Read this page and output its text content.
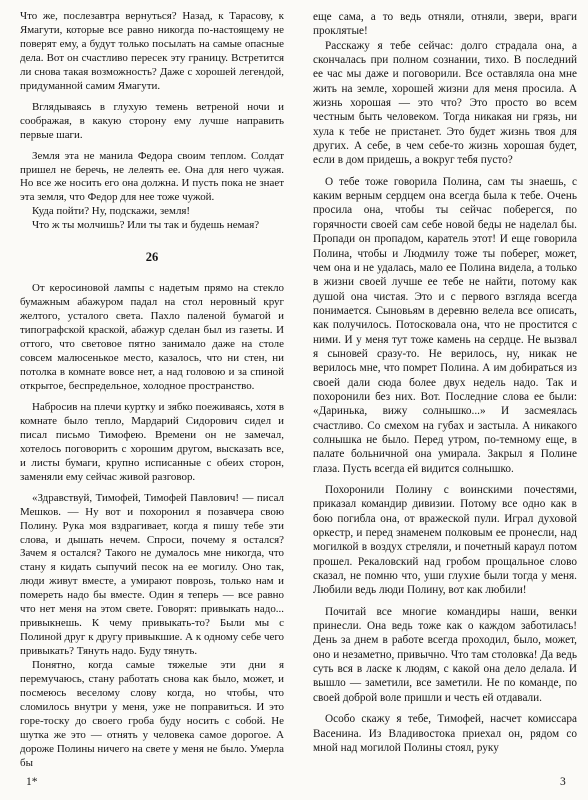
Что же, послезавтра вернуться? Назад, к Тарасову, к Ямагути, которые все равно никогда по-настоящему не поверят ему, а будут только посылать на самые опасные дела. Вот он счастливо пересек эту границу. Встретится ли снова такая возможность? Даже с хорошей легендой, придуманной самим Ямагути.

Вглядываясь в глухую темень ветреной ночи и соображая, в какую сторону ему лучше направить первые шаги.

Земля эта не манила Федора своим теплом. Солдат пришел не беречь, не лелеять ее. Она для него чужая. Но все же носить его она должна. И пусть пока не знает эта земля, что Федор для нее тоже чужой.

Куда пойти? Ну, подскажи, земля!

Что ж ты молчишь? Или ты так и будешь немая?

26

От керосиновой лампы с надетым прямо на стекло бумажным абажуром падал на стол неровный круг желтого, усталого света. Пахло паленой бумагой и типографской краской, абажур сделан был из газеты. И оттого, что световое пятно занимало даже на столе совсем малюсенькое место, казалось, что ни стен, ни потолка в комнате вовсе нет, а над головою и за спиной открытое, беспредельное, холодное пространство.

Набросив на плечи куртку и зябко поеживаясь, хотя в комнате было тепло, Мардарий Сидорович сидел и писал письмо Тимофею. Времени он не замечал, хотелось поговорить с хорошим другом, высказать все, и листы бумаги, крупно исписанные с обеих сторон, заменяли ему сейчас живой разговор.

«Здравствуй, Тимофей, Тимофей Павлович! — писал Мешков. — Ну вот и похоронил я позавчера свою Полину. Рука моя вздрагивает, когда я пишу тебе эти слова, и дышать нечем. Спроси, почему я остался? Зачем я остался? Такого не думалось мне никогда, что стану я кидать сыпучий песок на ее могилу. Оно так, люди живут вместе, а умирают поврозь, только нам и помереть надо бы вместе. Один я теперь — все равно что нет меня на этом свете. Говорят: привыкать надо... привыкнешь. К чему привыкать-то? Были мы с Полиной друг к другу привыкшие. А к одному себе чего привыкать? Тянуть надо. Буду тянуть.

Понятно, когда самые тяжелые эти дни я перемучаюсь, стану работать снова как было, может, и посмеюсь веселому слову когда, но чтобы, что сломилось внутри у меня, уже не поправиться. И это горе-тоску до своего гроба буду носить с собой. Не шутка же это — отнять у человека самое дорогое. А дороже Полины ничего на свете у меня не было. Умерла бы

еще сама, а то ведь отняли, отняли, звери, враги проклятые!

Расскажу я тебе сейчас: долго страдала она, а скончалась при полном сознании, тихо. В последний ее час мы даже и поговорили. Все оставляла она мне жить на земле, хорошей жизни для меня просила. А жизнь хорошая — это что? Это просто во всем честным быть человеком. Тогда никакая ни грязь, ни хула к тебе не пристанет. Это будет жизнь твоя для других. А себе, в чем себе-то жизнь хорошая будет, если в дом придешь, а вокруг тебя пусто?

О тебе тоже говорила Полина, сам ты знаешь, с каким верным сердцем она всегда была к тебе. Очень просила она, чтобы ты сейчас поберегся, по горячности своей сам себе новой беды не наделал бы. Пропади он пропадом, каратель этот! И еще говорила Полина, чтобы и Людмилу тоже ты поберег, может, чем она и не удалась, мало ее Полина видела, а только в жизни своей лучше ее тебе не найти, потому как душой она чистая. Это и с первого взгляда всегда понимается. Сыновьям в деревню велела все описать, как получилось. Потосковала она, что не простится с ними. И у меня тут тоже камень на сердце. Не вызвал я сыновей сразу-то. Не верилось, ну, никак не верилось мне, что помрет Полина. А им добираться из своей дали сюда более двух недель надо. Так и похоронили без них. Вот. Последние слова ее были: «Даринька, вижу солнышко...» И засмеялась счастливо. Со смехом на губах и застыла. А никакого солнышка не было. Перед утром, по-темному еще, в палате больничной она умирала. Закрыл я Полине глаза. Пусть всегда ей видится солнышко.

Похоронили Полину с воинскими почестями, приказал командир дивизии. Потому все одно как в бою погибла она, от вражеской пули. Играл духовой оркестр, и перед знаменем полковым ее пронесли, над могилкой в воздух стреляли, и почетный караул потом прошел. Рекаловский над гробом прощальное слово сказал, не помню что, уши глухие были тогда у меня. Любили ведь люди Полину, вот как любили!

Почитай все многие командиры наши, венки принесли. Она ведь тоже как о каждом заботилась! День за днем в работе всегда проходил, было, может, оно и незаметно, привычно. Что там столовка! Да ведь суть вся в ласке к людям, с какой она дело делала. И вышло — заметили, все заметили. Не по команде, по своей доброй воле пришли и честь ей отдавали.

Особо скажу я тебе, Тимофей, насчет комиссара Васенина. Из Владивостока приехал он, рядом со мной над могилой Полины стоял, руку

1*	3
